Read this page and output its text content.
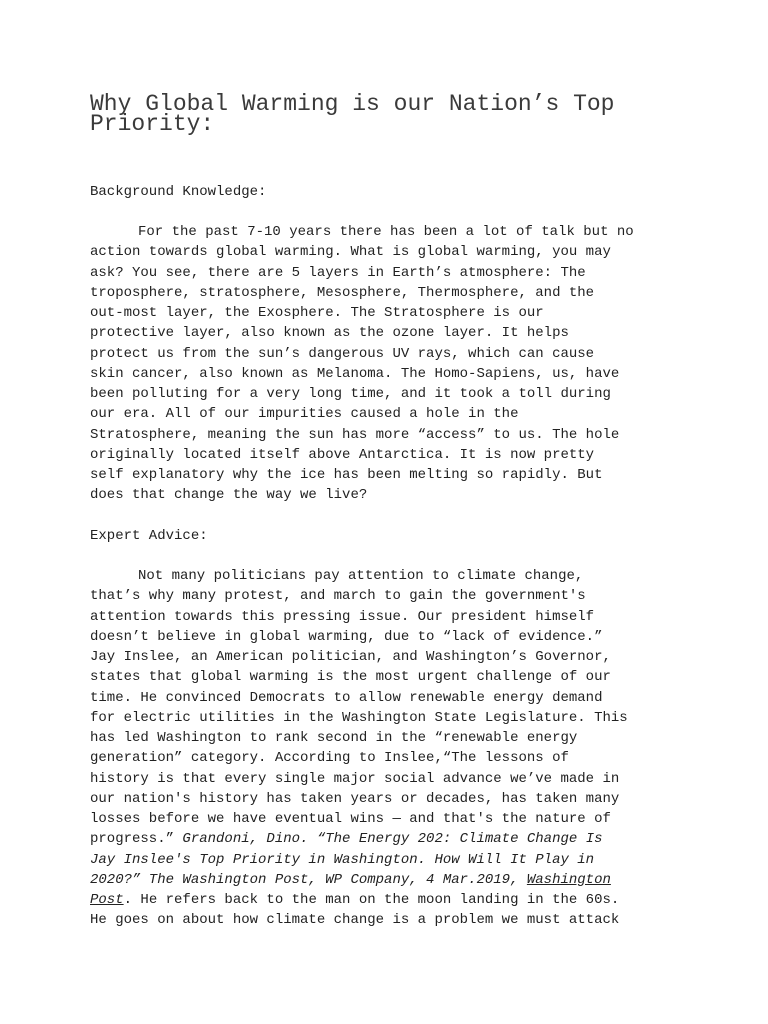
Why Global Warming is our Nation’s Top
Priority:
Background Knowledge:
For the past 7-10 years there has been a lot of talk but no
action towards global warming. What is global warming, you may
ask? You see, there are 5 layers in Earth’s atmosphere: The
troposphere, stratosphere, Mesosphere, Thermosphere, and the
out-most layer, the Exosphere. The Stratosphere is our
protective layer, also known as the ozone layer. It helps
protect us from the sun’s dangerous UV rays, which can cause
skin cancer, also known as Melanoma. The Homo-Sapiens, us, have
been polluting for a very long time, and it took a toll during
our era. All of our impurities caused a hole in the
Stratosphere, meaning the sun has more “access” to us. The hole
originally located itself above Antarctica. It is now pretty
self explanatory why the ice has been melting so rapidly. But
does that change the way we live?
Expert Advice:
Not many politicians pay attention to climate change,
that’s why many protest, and march to gain the government's
attention towards this pressing issue. Our president himself
doesn’t believe in global warming, due to “lack of evidence.”
Jay Inslee, an American politician, and Washington’s Governor,
states that global warming is the most urgent challenge of our
time. He convinced Democrats to allow renewable energy demand
for electric utilities in the Washington State Legislature. This
has led Washington to rank second in the “renewable energy
generation” category. According to Inslee,“The lessons of
history is that every single major social advance we’ve made in
our nation's history has taken years or decades, has taken many
losses before we have eventual wins — and that's the nature of
progress.” Grandoni, Dino. “The Energy 202: Climate Change Is
Jay Inslee's Top Priority in Washington. How Will It Play in
2020?” The Washington Post, WP Company, 4 Mar.2019, Washington
Post. He refers back to the man on the moon landing in the 60s.
He goes on about how climate change is a problem we must attack
